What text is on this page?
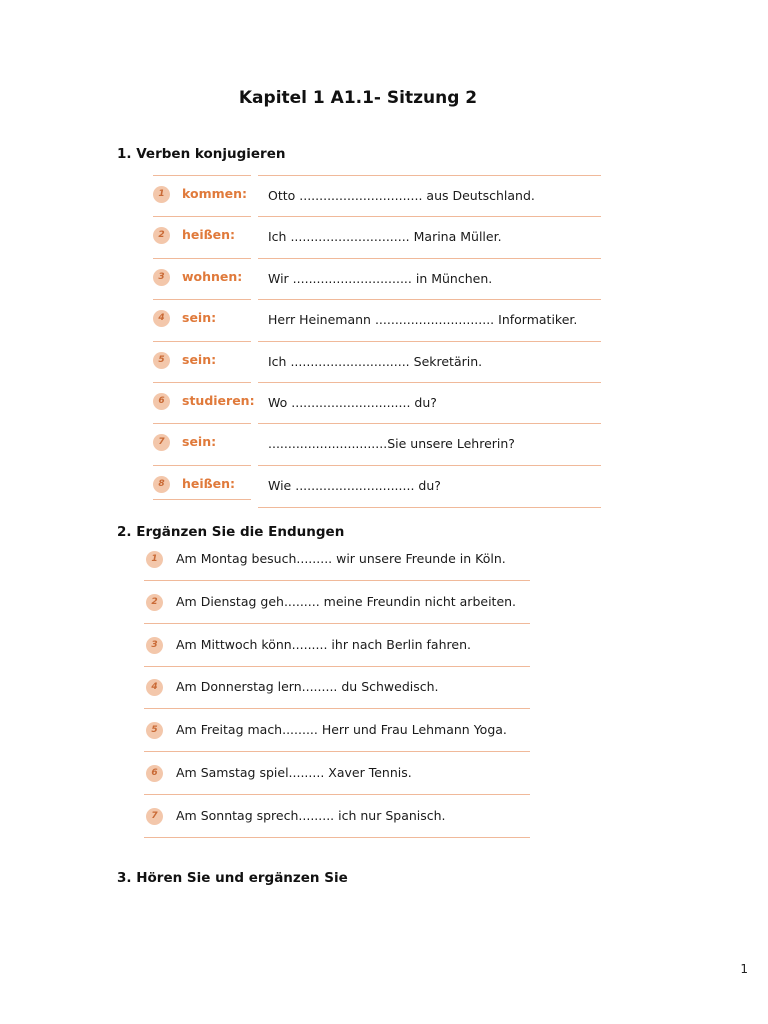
Kapitel 1 A1.1- Sitzung 2
1. Verben konjugieren
1	kommen: Otto ............................... aus Deutschland.
2	heißen:	Ich .............................. Marina Müller.
3	wohnen: Wir .............................. in München.
4	sein:	Herr Heinemann .............................. Informatiker.
5	sein:	Ich .............................. Sekretärin.
6	studieren: Wo .............................. du?
7	sein:	..............................Sie unsere Lehrerin?
8	heißen:	Wie .............................. du?
2. Ergänzen Sie die Endungen
1	Am Montag besuch......... wir unsere Freunde in Köln.
2	Am Dienstag geh......... meine Freundin nicht arbeiten.
3	Am Mittwoch könn......... ihr nach Berlin fahren.
4	Am Donnerstag lern......... du Schwedisch.
5	Am Freitag mach......... Herr und Frau Lehmann Yoga.
6	Am Samstag spiel......... Xaver Tennis.
7	Am Sonntag sprech......... ich nur Spanisch.
3. Hören Sie und ergänzen Sie
1
